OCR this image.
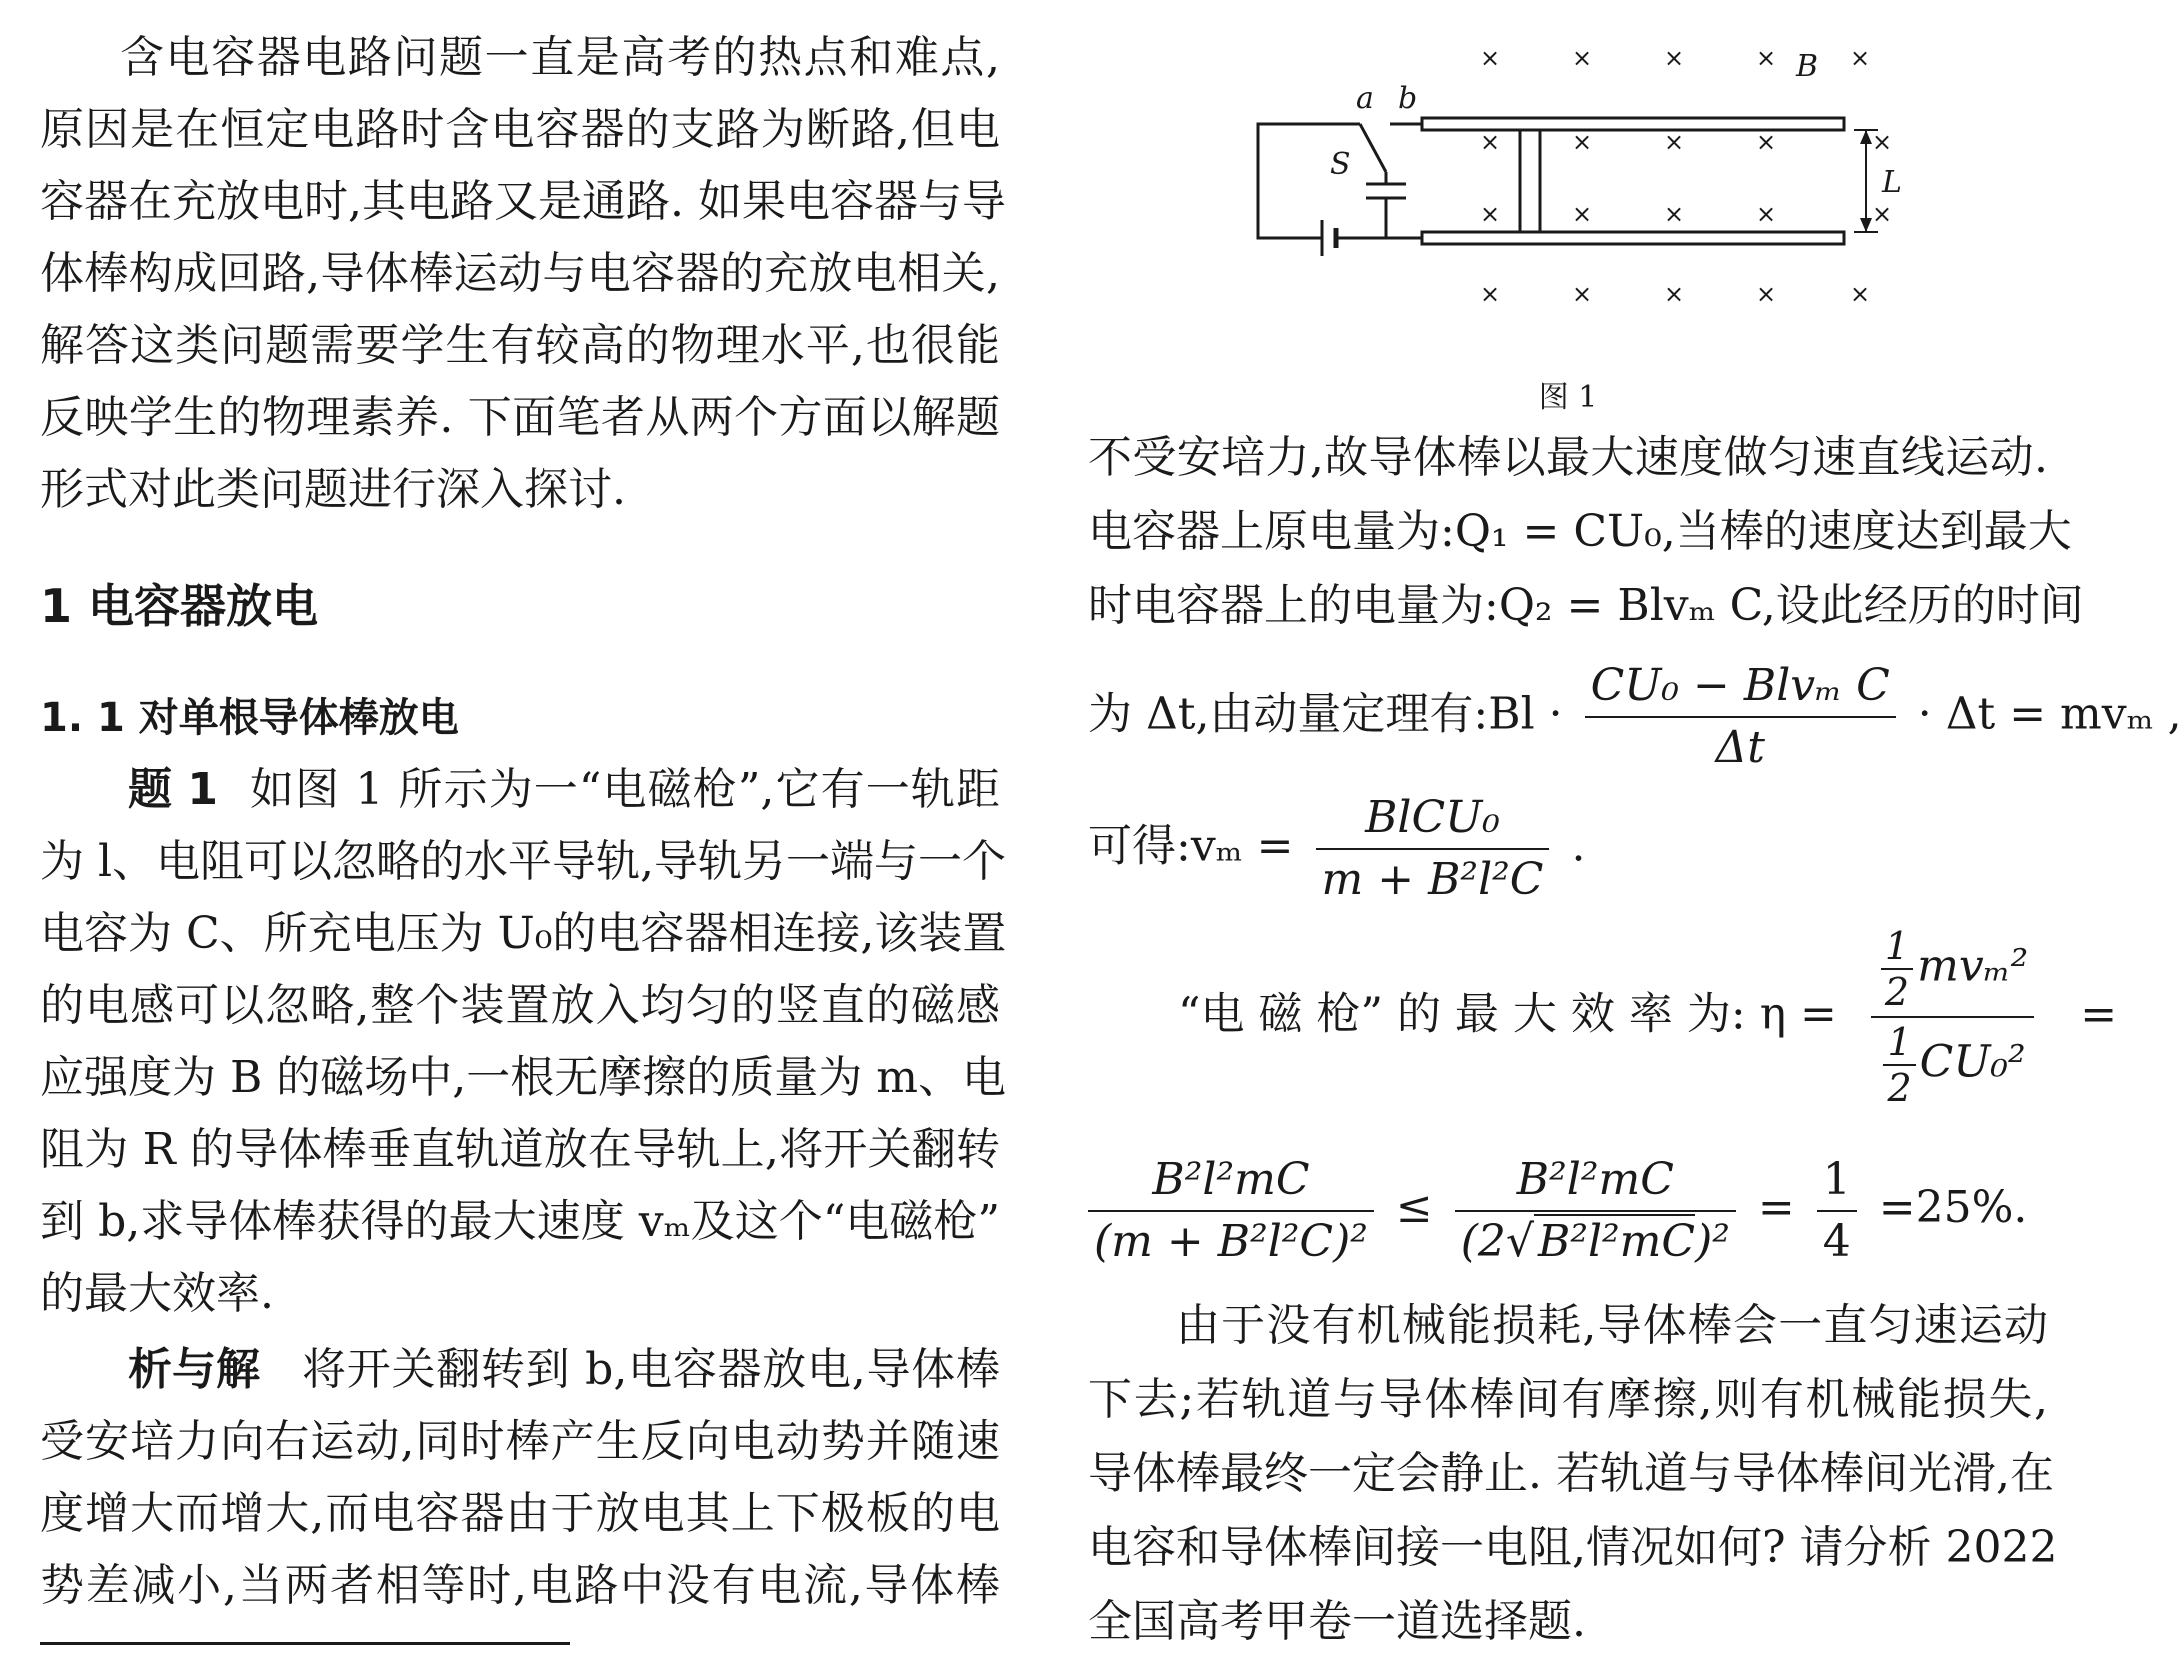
含电容器电路问题一直是高考的热点和难点,
原因是在恒定电路时含电容器的支路为断路,但电
容器在充放电时,其电路又是通路. 如果电容器与导
体棒构成回路,导体棒运动与电容器的充放电相关,
解答这类问题需要学生有较高的物理水平,也很能
反映学生的物理素养. 下面笔者从两个方面以解题
形式对此类问题进行深入探讨.
1 电容器放电
1. 1 对单根导体棒放电
题 1 如图 1 所示为一“电磁枪”,它有一轨距
为 l、电阻可以忽略的水平导轨,导轨另一端与一个
电容为 C、所充电压为 U₀的电容器相连接,该装置
的电感可以忽略,整个装置放入均匀的竖直的磁感
应强度为 B 的磁场中,一根无摩擦的质量为 m、电
阻为 R 的导体棒垂直轨道放在导轨上,将开关翻转
到 b,求导体棒获得的最大速度 vₘ及这个“电磁枪”
的最大效率.
析与解 将开关翻转到 b,电容器放电,导体棒
受安培力向右运动,同时棒产生反向电动势并随速
度增大而增大,而电容器由于放电其上下极板的电
势差减小,当两者相等时,电路中没有电流,导体棒
a b
S
B
L
×	×	×	×	×
×	×	×	×	×
×	×	×	×	×
×	×	×	×	×
图 1
不受安培力,故导体棒以最大速度做匀速直线运动.
电容器上原电量为:Q₁ = CU₀,当棒的速度达到最大
时电容器上的电量为:Q₂ = Blvₘ C,设此经历的时间
为 Δt,由动量定理有:Bl · $\frac{\text{CU₀ − Blvₘ C}}{\Delta t} \cdot \Delta t = mv_m$ ,
可得:vₘ = $\frac{\text{BlCU₀}}{\text{m + B²l²C}}$ .
“电 磁 枪” 的 最 大 效 率 为: $\eta = \frac{\frac{1}{2} mv_m^2}{\frac{1}{2} CU_0^2}$ =
$\frac{\text{B²l²mC}}{\text{(m + B²l²C)²}} \le \frac{\text{B²l²mC}}{\text{(2√B²l²mC)²}} = \frac{1}{4} =25\%$.
由于没有机械能损耗,导体棒会一直匀速运动
下去;若轨道与导体棒间有摩擦,则有机械能损失,
导体棒最终一定会静止. 若轨道与导体棒间光滑,在
电容和导体棒间接一电阻,情况如何? 请分析 2022
全国高考甲卷一道选择题.
